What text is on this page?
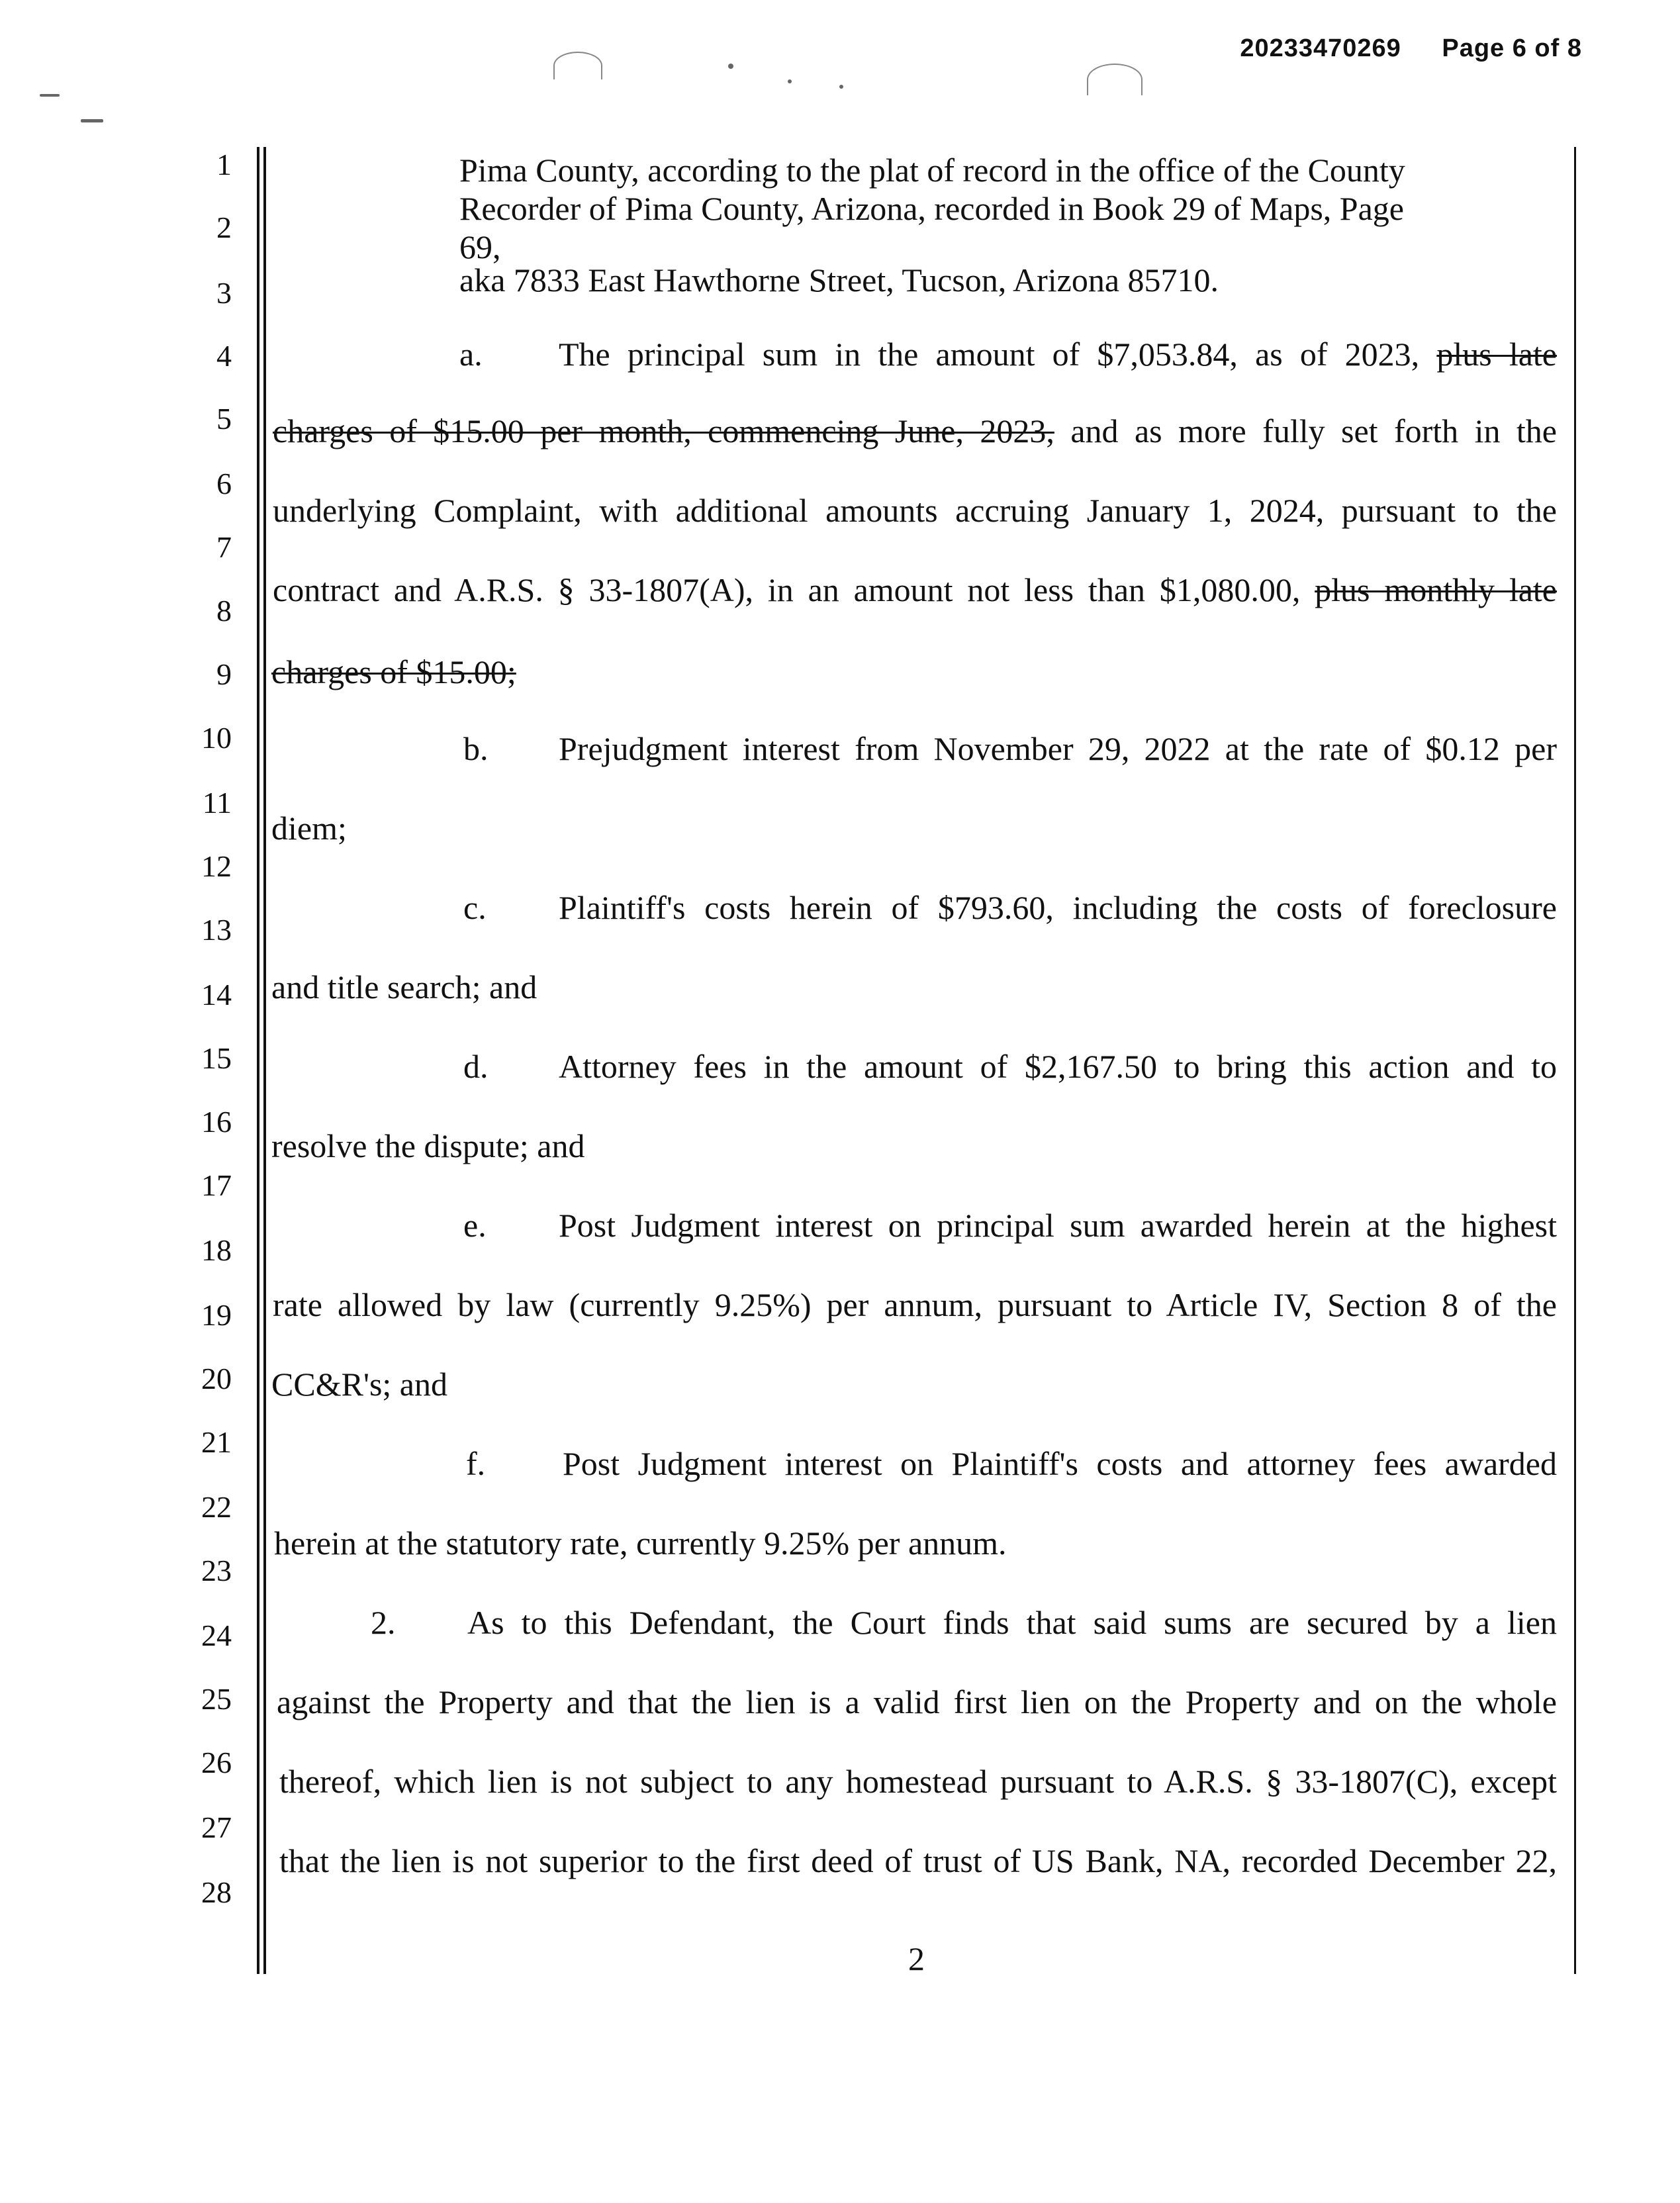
20233470269 Page 6 of 8
1
2
3
4
5
6
7
8
9
10
11
12
13
14
15
16
17
18
19
20
21
22
23
24
25
26
27
28
Pima County, according to the plat of record in the office of the County
Recorder of Pima County, Arizona, recorded in Book 29 of Maps, Page
69,
aka 7833 East Hawthorne Street, Tucson, Arizona 85710.
a. The principal sum in the amount of $7,053.84, as of 2023, plus late
charges of $15.00 per month, commencing June, 2023, and as more fully set forth in the
underlying Complaint, with additional amounts accruing January 1, 2024, pursuant to the
contract and A.R.S. § 33-1807(A), in an amount not less than $1,080.00, plus monthly late
charges of $15.00;
b. Prejudgment interest from November 29, 2022 at the rate of $0.12 per
diem;
c. Plaintiff's costs herein of $793.60, including the costs of foreclosure
and title search; and
d. Attorney fees in the amount of $2,167.50 to bring this action and to
resolve the dispute; and
e. Post Judgment interest on principal sum awarded herein at the highest
rate allowed by law (currently 9.25%) per annum, pursuant to Article IV, Section 8 of the
CC&R's; and
f. Post Judgment interest on Plaintiff's costs and attorney fees awarded
herein at the statutory rate, currently 9.25% per annum.
2. As to this Defendant, the Court finds that said sums are secured by a lien
against the Property and that the lien is a valid first lien on the Property and on the whole
thereof, which lien is not subject to any homestead pursuant to A.R.S. § 33-1807(C), except
that the lien is not superior to the first deed of trust of US Bank, NA, recorded December 22,
2
